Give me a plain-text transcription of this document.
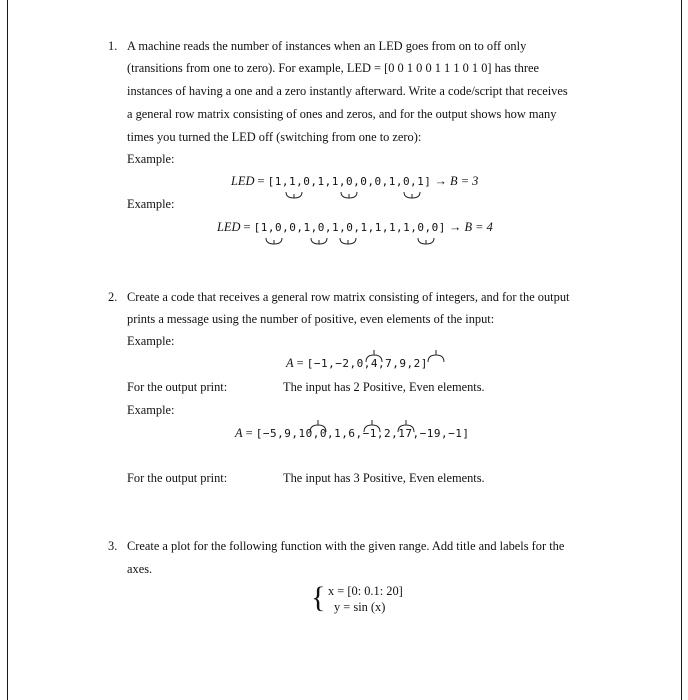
1. A machine reads the number of instances when an LED goes from on to off only
(transitions from one to zero). For example, LED = [0 0 1 0 0 1 1 1 0 1 0] has three
instances of having a one and a zero instantly afterward. Write a code/script that receives
a general row matrix consisting of ones and zeros, and for the output shows how many
times you turned the LED off (switching from one to zero):
Example:
LED = [1,1,0,1,1,0,0,0,1,0,1] → B = 3
Example:
LED = [1,0,0,1,0,1,0,1,1,1,1,0,0] → B = 4
2. Create a code that receives a general row matrix consisting of integers, and for the output
prints a message using the number of positive, even elements of the input:
Example:
A = [−1,−2,0,4,7,9,2]
For the output print:	The input has 2 Positive, Even elements.
Example:
A = [−5,9,10,0,1,6,−1,2,17,−19,−1]
For the output print:	The input has 3 Positive, Even elements.
3. Create a plot for the following function with the given range. Add title and labels for the
axes.
{ x = [0: 0.1: 20]
y = sin (x)
